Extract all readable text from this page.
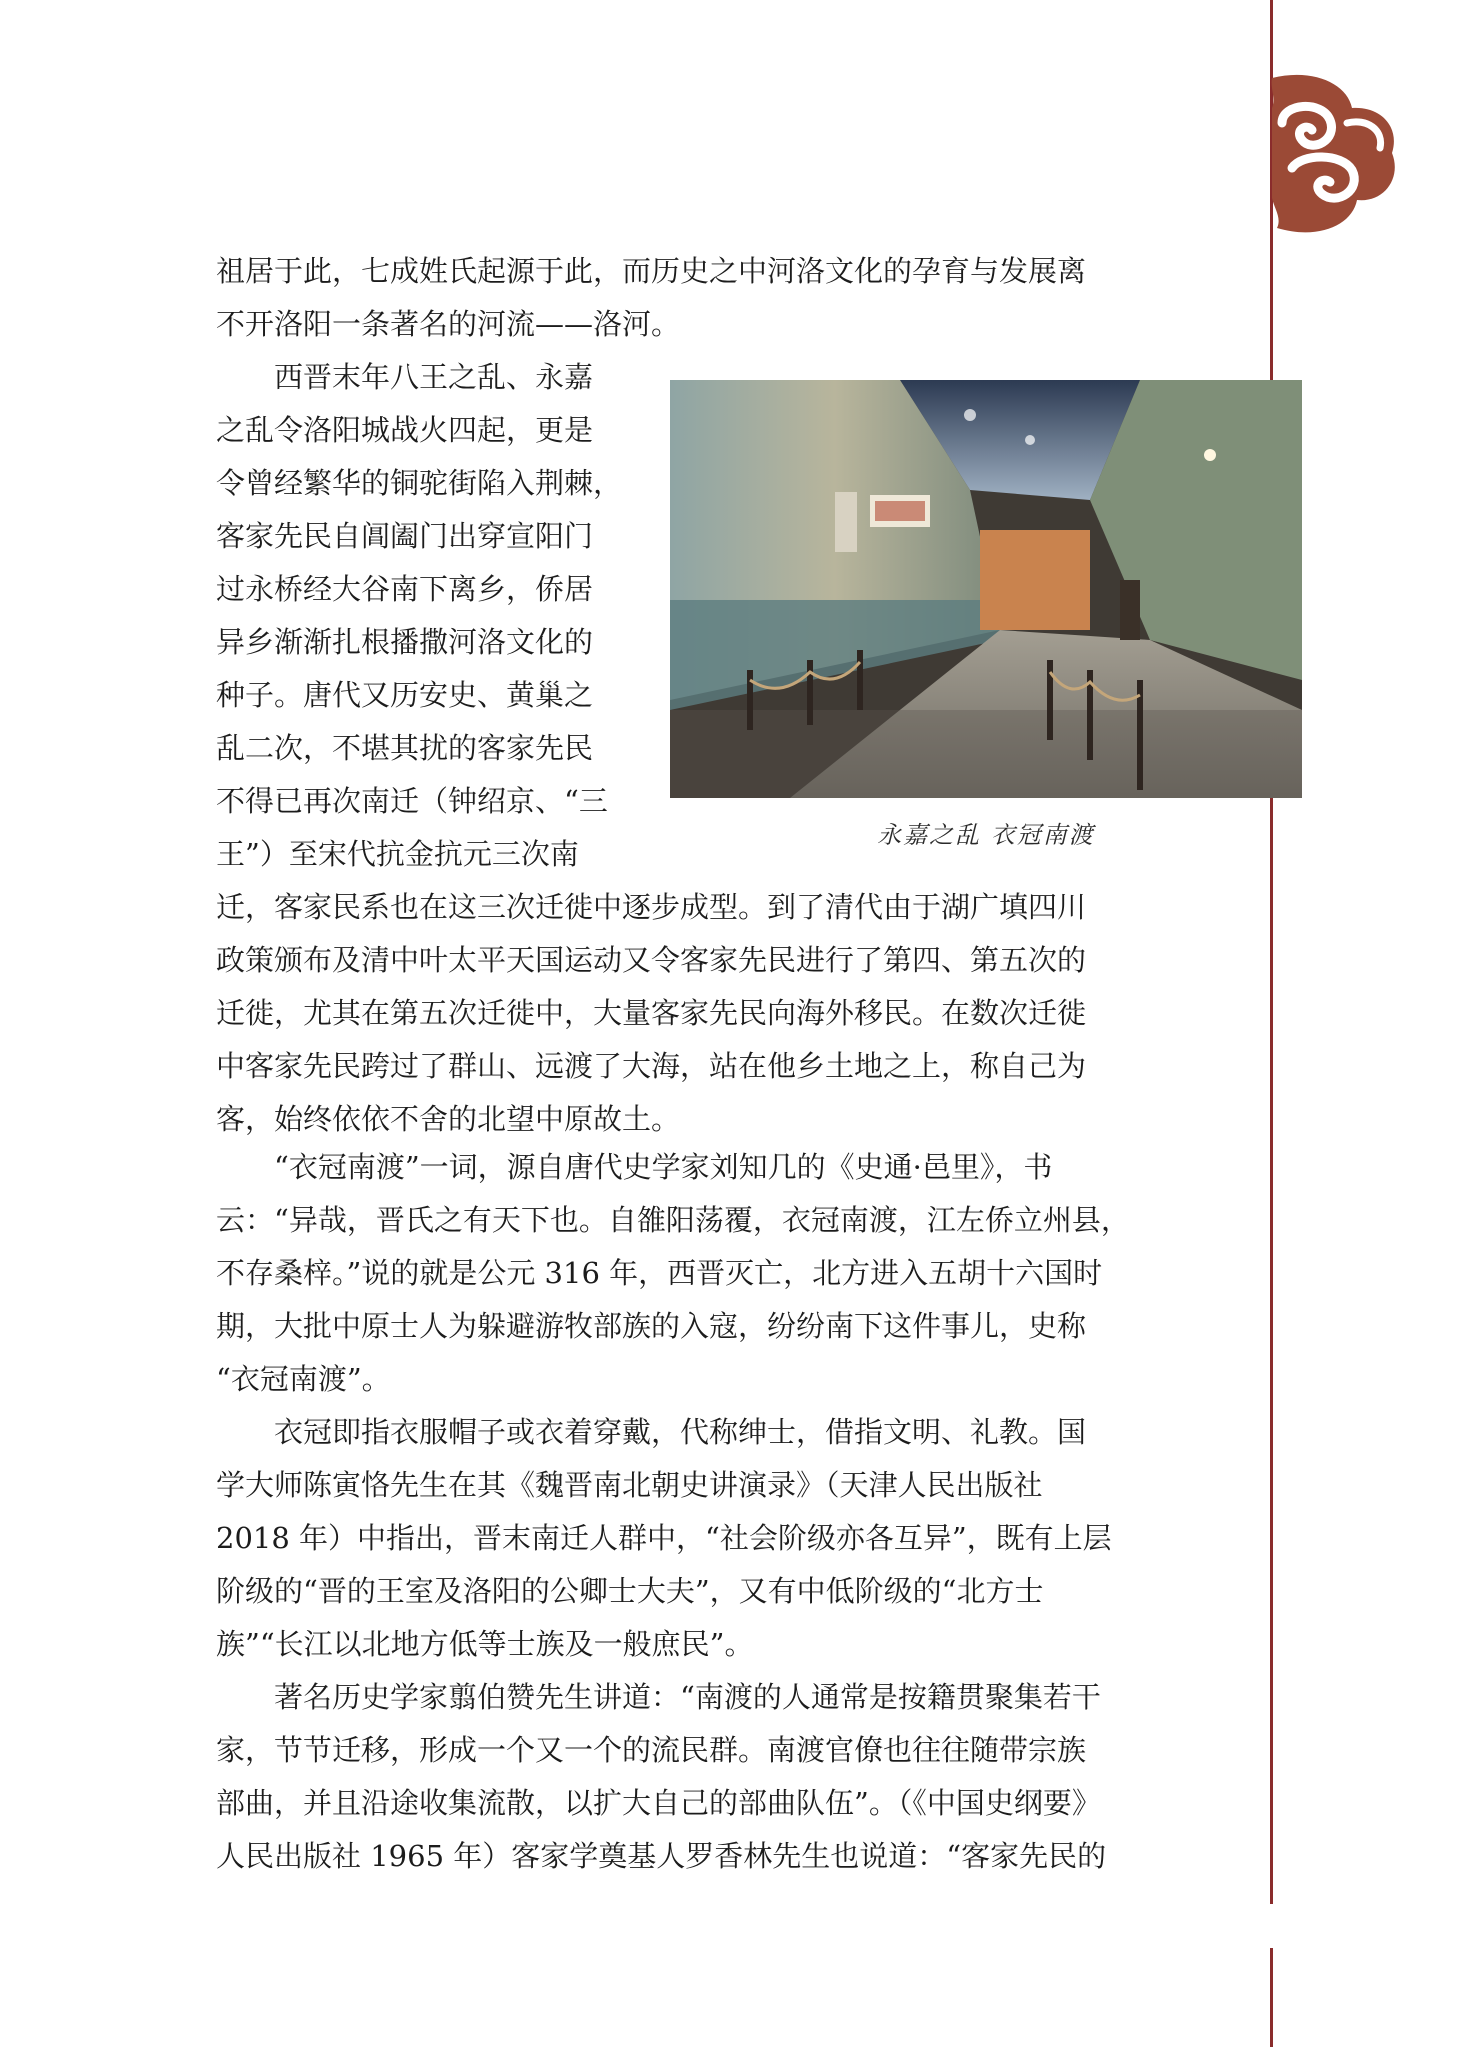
祖居于此，七成姓氏起源于此，而历史之中河洛文化的孕育与发展离
不开洛阳一条著名的河流——洛河。

西晋末年八王之乱、永嘉
之乱令洛阳城战火四起，更是
令曾经繁华的铜驼街陷入荆棘，
客家先民自阊阖门出穿宣阳门
过永桥经大谷南下离乡，侨居
异乡渐渐扎根播撒河洛文化的
种子。唐代又历安史、黄巢之
乱二次，不堪其扰的客家先民
不得已再次南迁（钟绍京、“三
王”）至宋代抗金抗元三次南
迁，客家民系也在这三次迁徙中逐步成型。到了清代由于湖广填四川
政策颁布及清中叶太平天国运动又令客家先民进行了第四、第五次的
迁徙，尤其在第五次迁徙中，大量客家先民向海外移民。在数次迁徙
中客家先民跨过了群山、远渡了大海，站在他乡土地之上，称自己为
客，始终依依不舍的北望中原故土。
永嘉之乱 衣冠南渡
“衣冠南渡”一词，源自唐代史学家刘知几的《史通·邑里》，书
云：“异哉，晋氏之有天下也。自雒阳荡覆，衣冠南渡，江左侨立州县，
不存桑梓。”说的就是公元 316 年，西晋灭亡，北方进入五胡十六国时
期，大批中原士人为躲避游牧部族的入寇，纷纷南下这件事儿，史称
“衣冠南渡”。
衣冠即指衣服帽子或衣着穿戴，代称绅士，借指文明、礼教。国
学大师陈寅恪先生在其《魏晋南北朝史讲演录》（天津人民出版社
2018 年）中指出，晋末南迁人群中，“社会阶级亦各互异”，既有上层
阶级的“晋的王室及洛阳的公卿士大夫”，又有中低阶级的“北方士
族”“长江以北地方低等士族及一般庶民”。
著名历史学家翦伯赞先生讲道：“南渡的人通常是按籍贯聚集若干
家，节节迁移，形成一个又一个的流民群。南渡官僚也往往随带宗族
部曲，并且沿途收集流散，以扩大自己的部曲队伍”。（《中国史纲要》
人民出版社 1965 年）客家学奠基人罗香林先生也说道：“客家先民的
